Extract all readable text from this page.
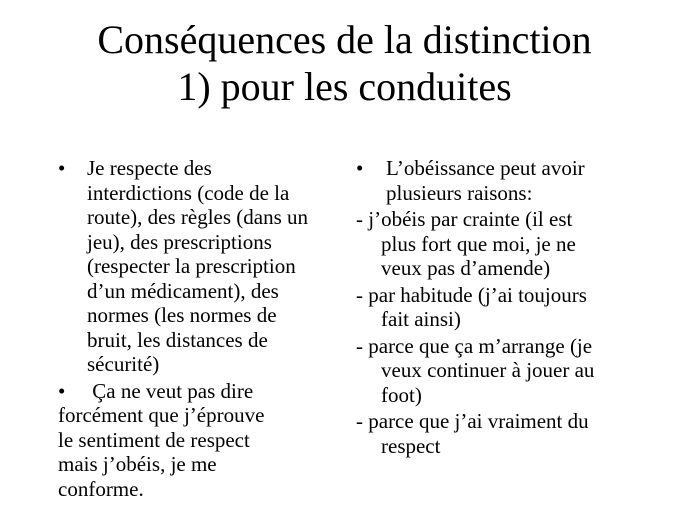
Conséquences de la distinction
1) pour les conduites
• Je respecte des
interdictions (code de la
route), des règles (dans un
jeu), des prescriptions
(respecter la prescription
d’un médicament), des
normes (les normes de
bruit, les distances de
sécurité)
•	Ça ne veut pas dire
forcément que j’éprouve
le sentiment de respect
mais j’obéis, je me
conforme.
• L’obéissance peut avoir
plusieurs raisons:
- j’obéis par crainte (il est
plus fort que moi, je ne
veux pas d’amende)
- par habitude (j’ai toujours
fait ainsi)
- parce que ça m’arrange (je
veux continuer à jouer au
foot)
- parce que j’ai vraiment du
respect
